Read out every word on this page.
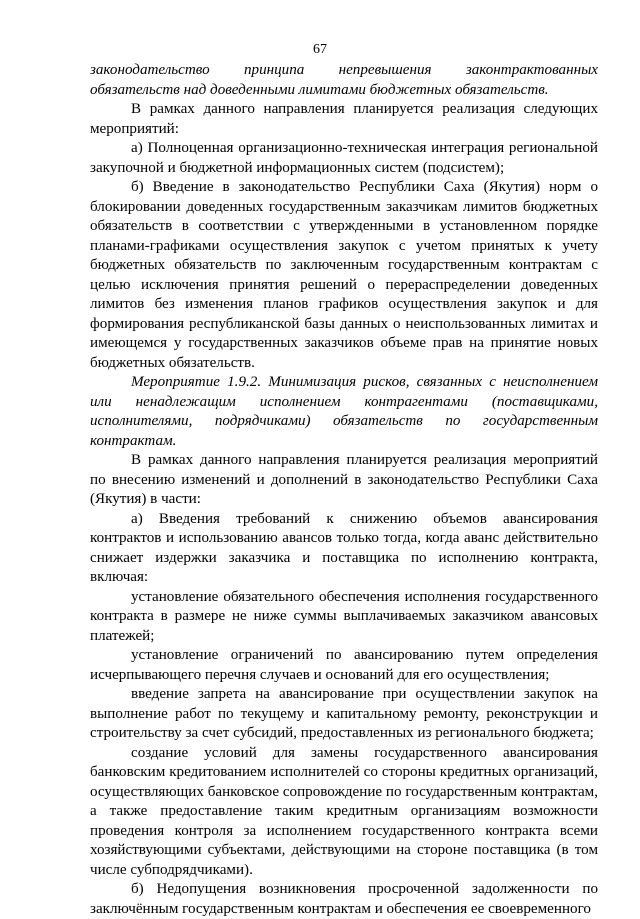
67

законодательство принципа непревышения законтрактованных обязательств над доведенными лимитами бюджетных обязательств.

В рамках данного направления планируется реализация следующих мероприятий:

а) Полноценная организационно-техническая интеграция региональной закупочной и бюджетной информационных систем (подсистем);

б) Введение в законодательство Республики Саха (Якутия) норм о блокировании доведенных государственным заказчикам лимитов бюджетных обязательств в соответствии с утвержденными в установленном порядке планами-графиками осуществления закупок с учетом принятых к учету бюджетных обязательств по заключенным государственным контрактам с целью исключения принятия решений о перераспределении доведенных лимитов без изменения планов графиков осуществления закупок и для формирования республиканской базы данных о неиспользованных лимитах и имеющемся у государственных заказчиков объеме прав на принятие новых бюджетных обязательств.

Мероприятие 1.9.2. Минимизация рисков, связанных с неисполнением или ненадлежащим исполнением контрагентами (поставщиками, исполнителями, подрядчиками) обязательств по государственным контрактам.

В рамках данного направления планируется реализация мероприятий по внесению изменений и дополнений в законодательство Республики Саха (Якутия) в части:

а) Введения требований к снижению объемов авансирования контрактов и использованию авансов только тогда, когда аванс действительно снижает издержки заказчика и поставщика по исполнению контракта, включая:

установление обязательного обеспечения исполнения государственного контракта в размере не ниже суммы выплачиваемых заказчиком авансовых платежей;

установление ограничений по авансированию путем определения исчерпывающего перечня случаев и оснований для его осуществления;

введение запрета на авансирование при осуществлении закупок на выполнение работ по текущему и капитальному ремонту, реконструкции и строительству за счет субсидий, предоставленных из регионального бюджета;

создание условий для замены государственного авансирования банковским кредитованием исполнителей со стороны кредитных организаций, осуществляющих банковское сопровождение по государственным контрактам, а также предоставление таким кредитным организациям возможности проведения контроля за исполнением государственного контракта всеми хозяйствующими субъектами, действующими на стороне поставщика (в том числе субподрядчиками).

б) Недопущения возникновения просроченной задолженности по заключённым государственным контрактам и обеспечения ее своевременного
